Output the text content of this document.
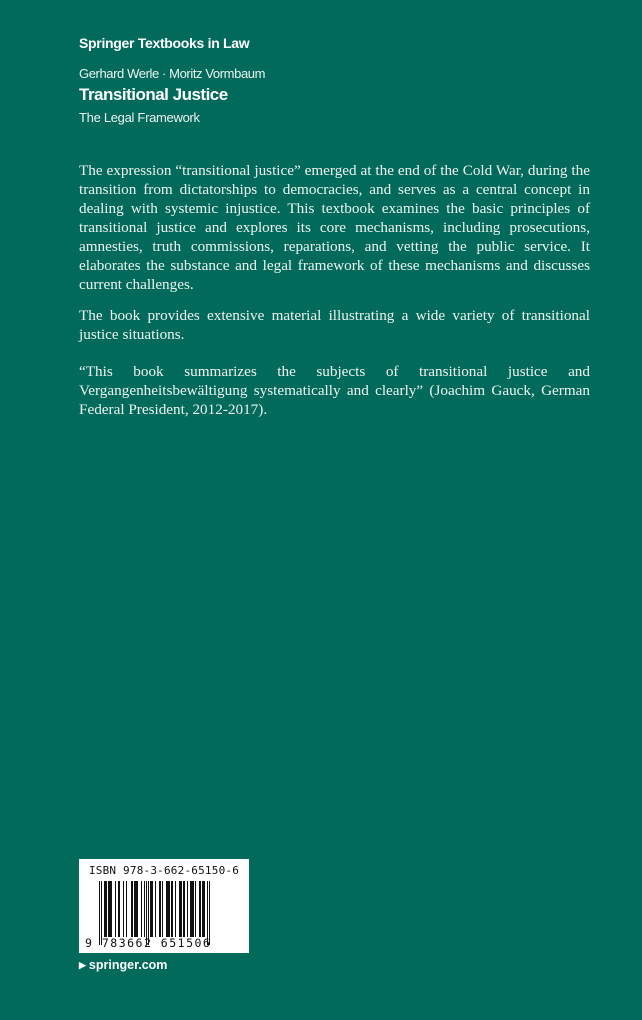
Springer Textbooks in Law
Gerhard Werle · Moritz Vormbaum
Transitional Justice
The Legal Framework

The expression “transitional justice” emerged at the end of the Cold War, during the transition from dictatorships to democracies, and serves as a central concept in dealing with systemic injustice. This textbook examines the basic principles of transitional justice and explores its core mechanisms, including prosecutions, amnesties, truth commissions, reparations, and vetting the public service. It elaborates the substance and legal framework of these mechanisms and discusses current challenges.

The book provides extensive material illustrating a wide variety of transitional justice situations.

“This book summarizes the subjects of transitional justice and Vergangenheitsbewältigung systematically and clearly” (Joachim Gauck, German Federal President, 2012-2017).

ISBN 978-3-662-65150-6
9 783662 651506
▶ springer.com
